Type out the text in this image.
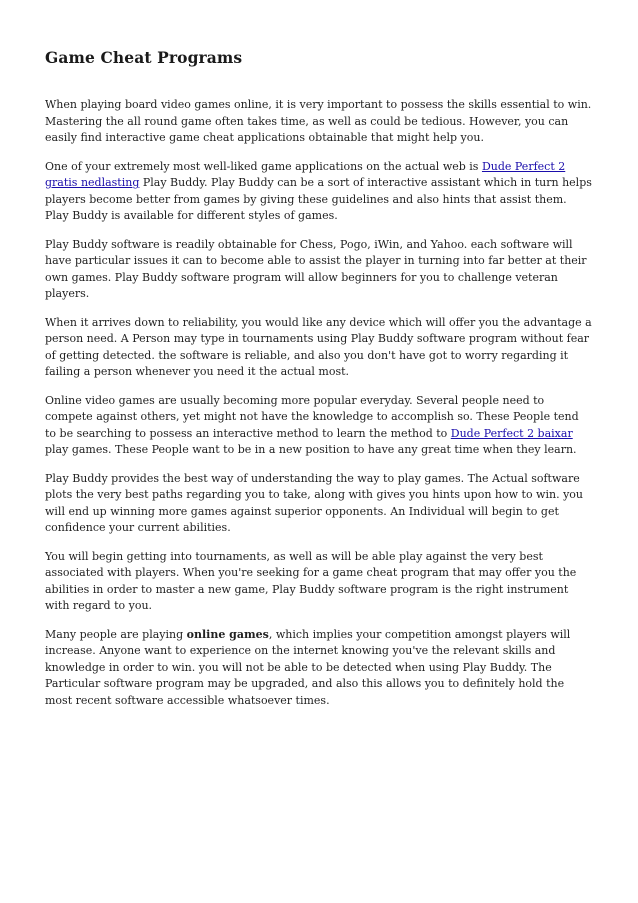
Game Cheat Programs

When playing board video games online, it is very important to possess the skills essential to win. Mastering the all round game often takes time, as well as could be tedious. However, you can easily find interactive game cheat applications obtainable that might help you.

One of your extremely most well-liked game applications on the actual web is Dude Perfect 2 gratis nedlasting Play Buddy. Play Buddy can be a sort of interactive assistant which in turn helps players become better from games by giving these guidelines and also hints that assist them. Play Buddy is available for different styles of games.

Play Buddy software is readily obtainable for Chess, Pogo, iWin, and Yahoo. each software will have particular issues it can to become able to assist the player in turning into far better at their own games. Play Buddy software program will allow beginners for you to challenge veteran players.

When it arrives down to reliability, you would like any device which will offer you the advantage a person need. A Person may type in tournaments using Play Buddy software program without fear of getting detected. the software is reliable, and also you don't have got to worry regarding it failing a person whenever you need it the actual most.

Online video games are usually becoming more popular everyday. Several people need to compete against others, yet might not have the knowledge to accomplish so. These People tend to be searching to possess an interactive method to learn the method to Dude Perfect 2 baixar play games. These People want to be in a new position to have any great time when they learn.

Play Buddy provides the best way of understanding the way to play games. The Actual software plots the very best paths regarding you to take, along with gives you hints upon how to win. you will end up winning more games against superior opponents. An Individual will begin to get confidence your current abilities.

You will begin getting into tournaments, as well as will be able play against the very best associated with players. When you're seeking for a game cheat program that may offer you the abilities in order to master a new game, Play Buddy software program is the right instrument with regard to you.

Many people are playing online games, which implies your competition amongst players will increase. Anyone want to experience on the internet knowing you've the relevant skills and knowledge in order to win. you will not be able to be detected when using Play Buddy. The Particular software program may be upgraded, and also this allows you to definitely hold the most recent software accessible whatsoever times.
